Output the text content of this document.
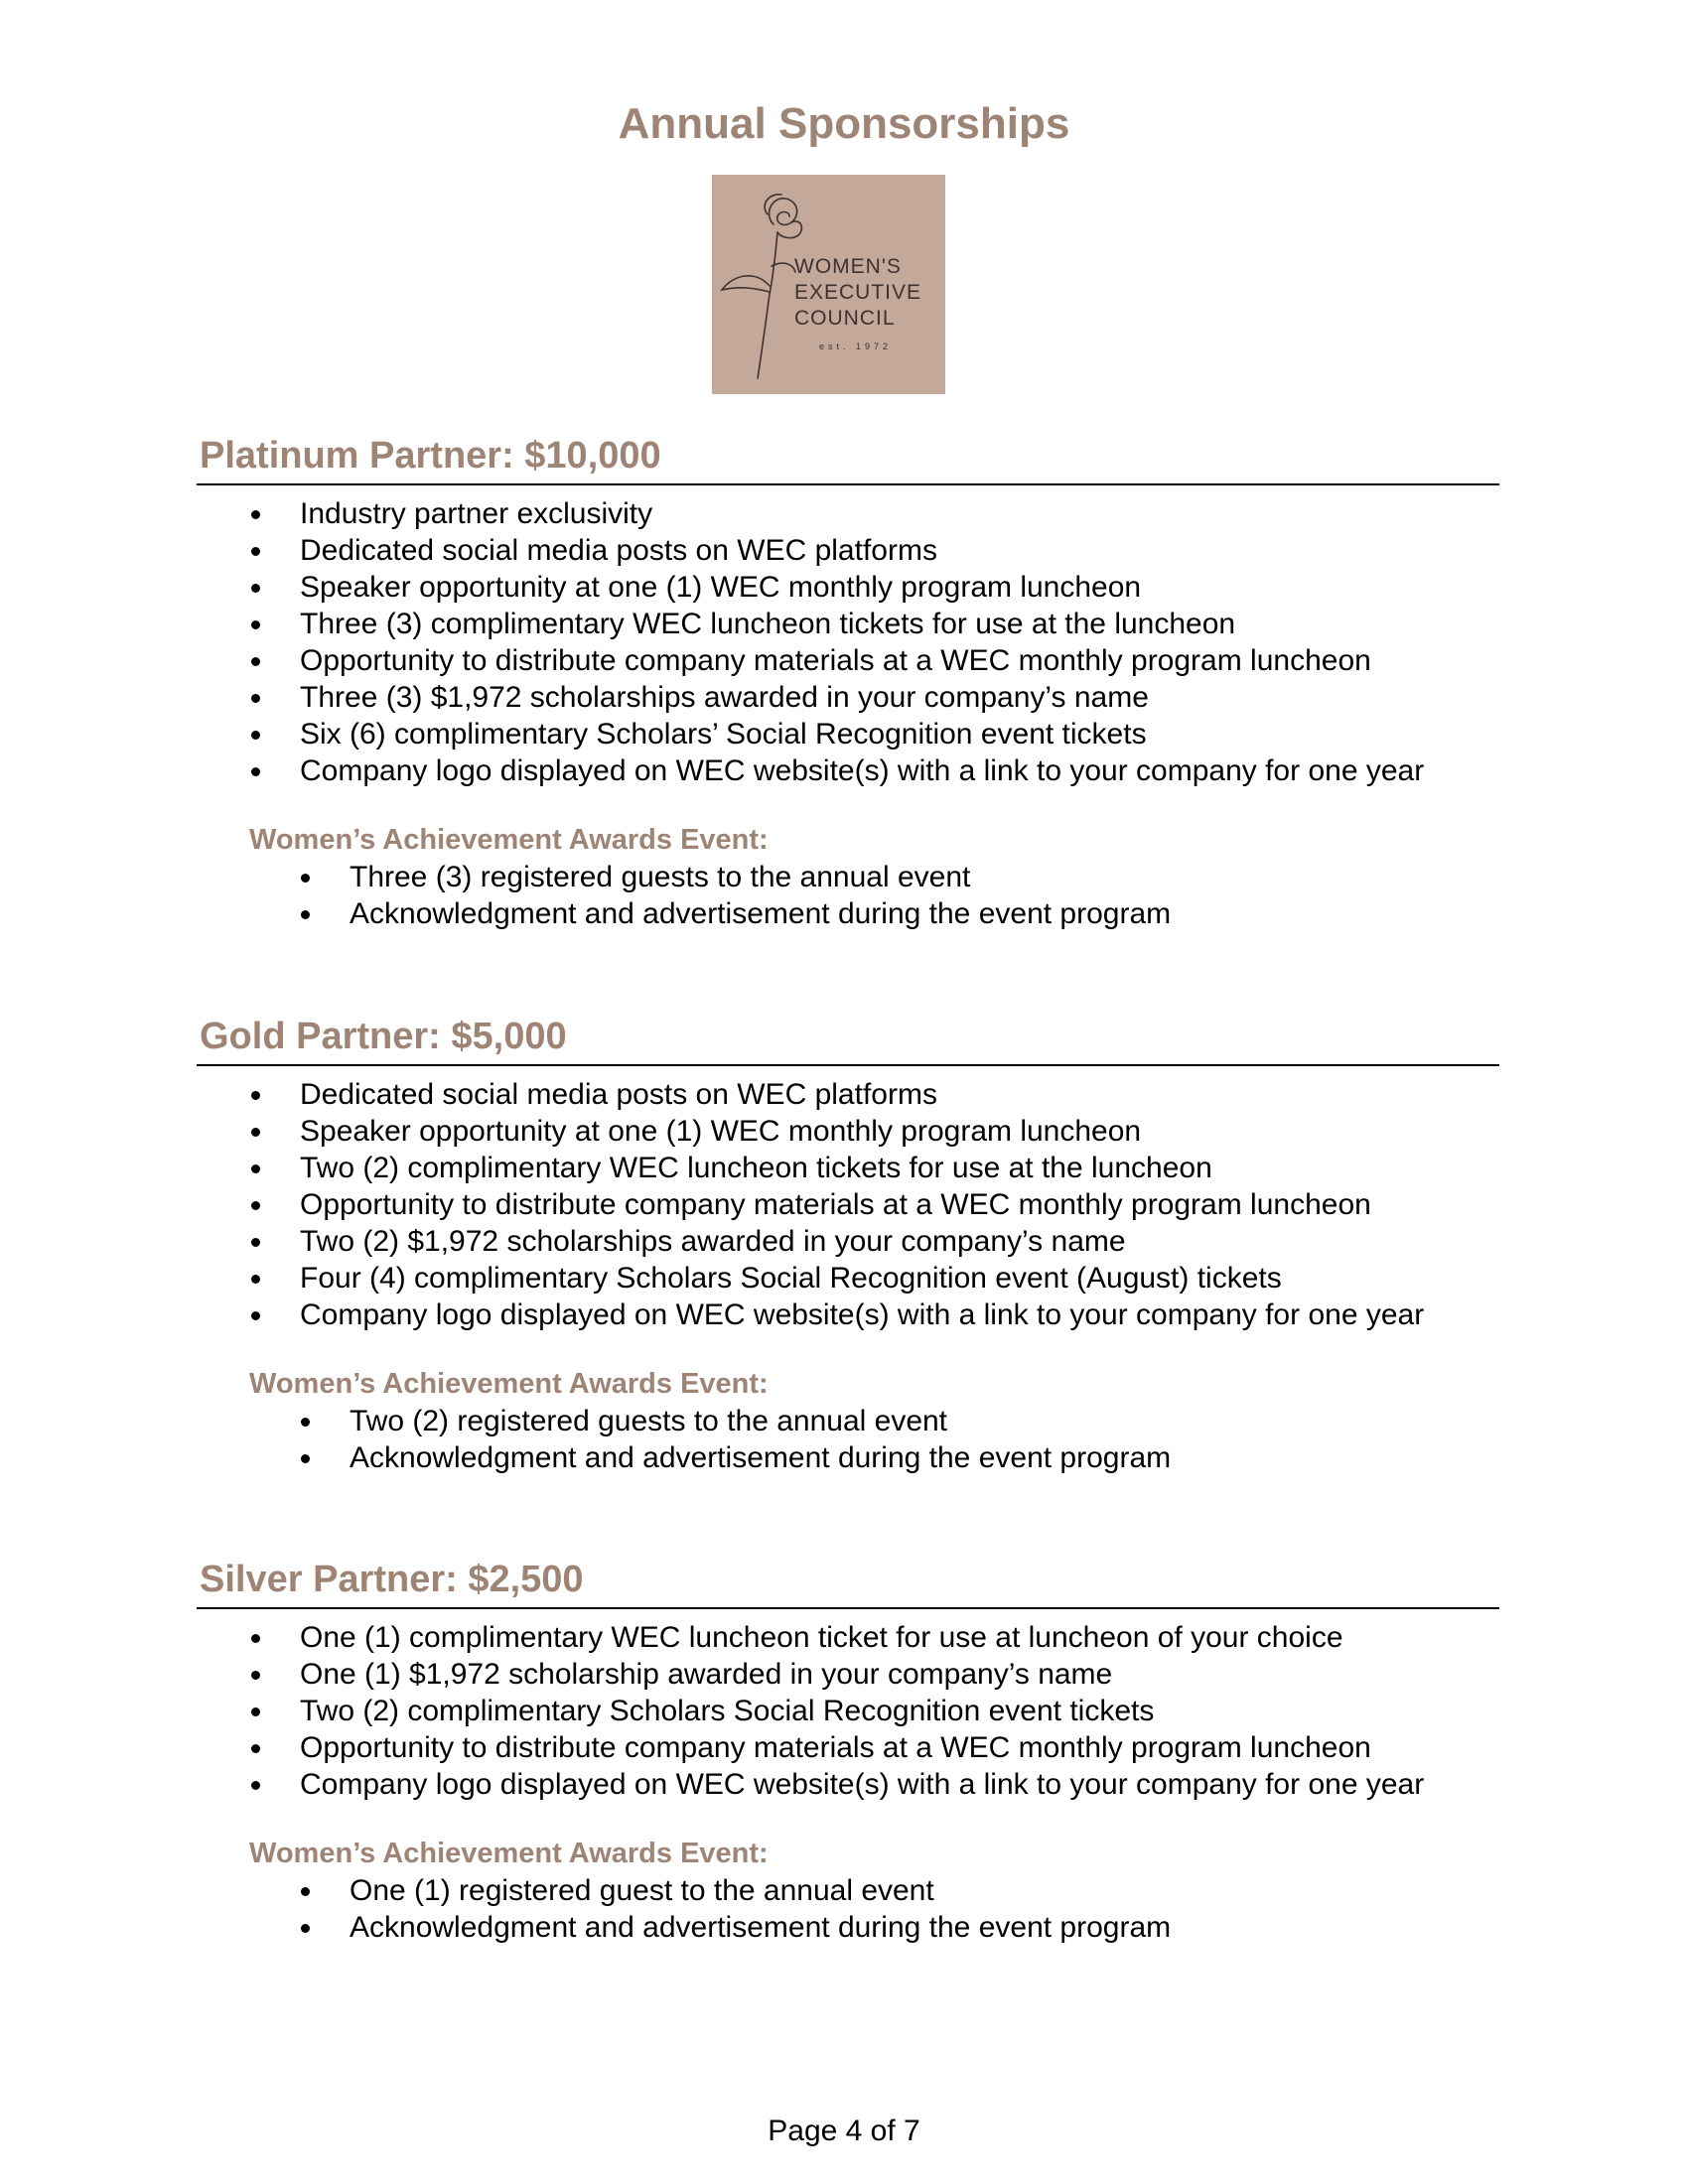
Annual Sponsorships
WOMEN'S
EXECUTIVE
COUNCIL
est. 1972
Platinum Partner: $10,000
Industry partner exclusivity
Dedicated social media posts on WEC platforms
Speaker opportunity at one (1) WEC monthly program luncheon
Three (3) complimentary WEC luncheon tickets for use at the luncheon
Opportunity to distribute company materials at a WEC monthly program luncheon
Three (3) $1,972 scholarships awarded in your company’s name
Six (6) complimentary Scholars’ Social Recognition event tickets
Company logo displayed on WEC website(s) with a link to your company for one year
Women’s Achievement Awards Event:
Three (3) registered guests to the annual event
Acknowledgment and advertisement during the event program
Gold Partner: $5,000
Dedicated social media posts on WEC platforms
Speaker opportunity at one (1) WEC monthly program luncheon
Two (2) complimentary WEC luncheon tickets for use at the luncheon
Opportunity to distribute company materials at a WEC monthly program luncheon
Two (2) $1,972 scholarships awarded in your company’s name
Four (4) complimentary Scholars Social Recognition event (August) tickets
Company logo displayed on WEC website(s) with a link to your company for one year
Women’s Achievement Awards Event:
Two (2) registered guests to the annual event
Acknowledgment and advertisement during the event program
Silver Partner: $2,500
One (1) complimentary WEC luncheon ticket for use at luncheon of your choice
One (1) $1,972 scholarship awarded in your company’s name
Two (2) complimentary Scholars Social Recognition event tickets
Opportunity to distribute company materials at a WEC monthly program luncheon
Company logo displayed on WEC website(s) with a link to your company for one year
Women’s Achievement Awards Event:
One (1) registered guest to the annual event
Acknowledgment and advertisement during the event program
Page 4 of 7
